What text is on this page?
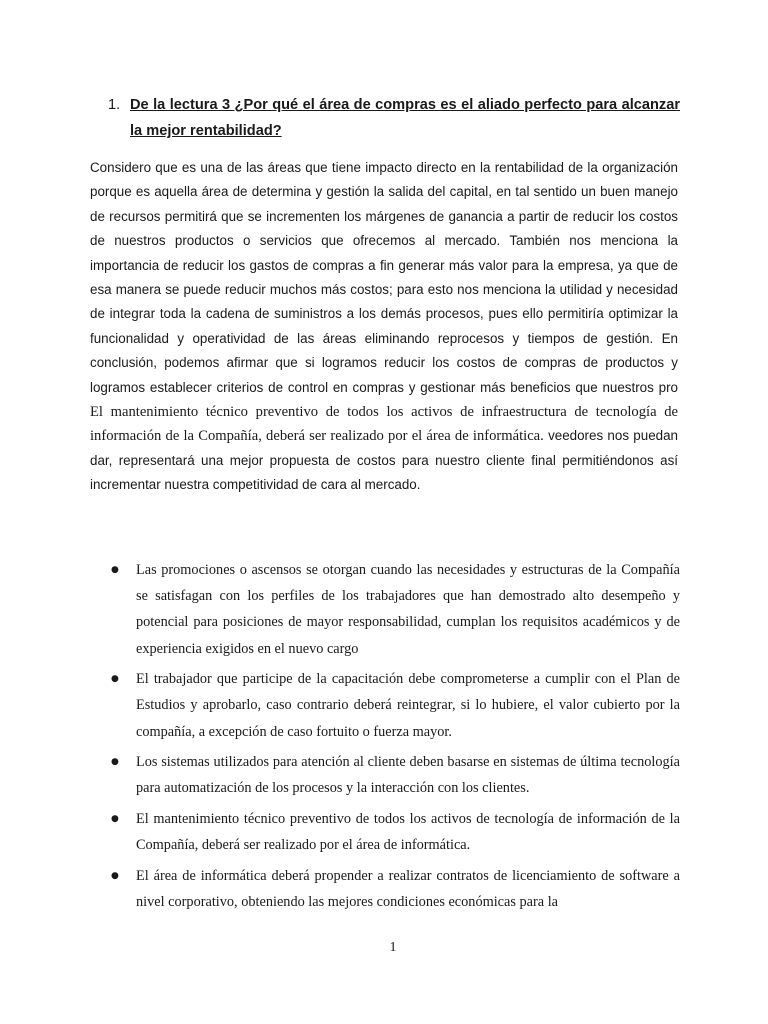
1. De la lectura 3 ¿Por qué el área de compras es el aliado perfecto para alcanzar la mejor rentabilidad?

Considero que es una de las áreas que tiene impacto directo en la rentabilidad de la organización porque es aquella área de determina y gestión la salida del capital, en tal sentido un buen manejo de recursos permitirá que se incrementen los márgenes de ganancia a partir de reducir los costos de nuestros productos o servicios que ofrecemos al mercado. También nos menciona la importancia de reducir los gastos de compras a fin generar más valor para la empresa, ya que de esa manera se puede reducir muchos más costos; para esto nos menciona la utilidad y necesidad de integrar toda la cadena de suministros a los demás procesos, pues ello permitiría optimizar la funcionalidad y operatividad de las áreas eliminando reprocesos y tiempos de gestión. En conclusión, podemos afirmar que si logramos reducir los costos de compras de productos y logramos establecer criterios de control en compras y gestionar más beneficios que nuestros pro El mantenimiento técnico preventivo de todos los activos de infraestructura de tecnología de información de la Compañía, deberá ser realizado por el área de informática. veedores nos puedan dar, representará una mejor propuesta de costos para nuestro cliente final permitiéndonos así incrementar nuestra competitividad de cara al mercado.

● Las promociones o ascensos se otorgan cuando las necesidades y estructuras de la Compañía se satisfagan con los perfiles de los trabajadores que han demostrado alto desempeño y potencial para posiciones de mayor responsabilidad, cumplan los requisitos académicos y de experiencia exigidos en el nuevo cargo
● El trabajador que participe de la capacitación debe comprometerse a cumplir con el Plan de Estudios y aprobarlo, caso contrario deberá reintegrar, si lo hubiere, el valor cubierto por la compañía, a excepción de caso fortuito o fuerza mayor.
● Los sistemas utilizados para atención al cliente deben basarse en sistemas de última tecnología para automatización de los procesos y la interacción con los clientes.
● El mantenimiento técnico preventivo de todos los activos de tecnología de información de la Compañía, deberá ser realizado por el área de informática.
● El área de informática deberá propender a realizar contratos de licenciamiento de software a nivel corporativo, obteniendo las mejores condiciones económicas para la
1
